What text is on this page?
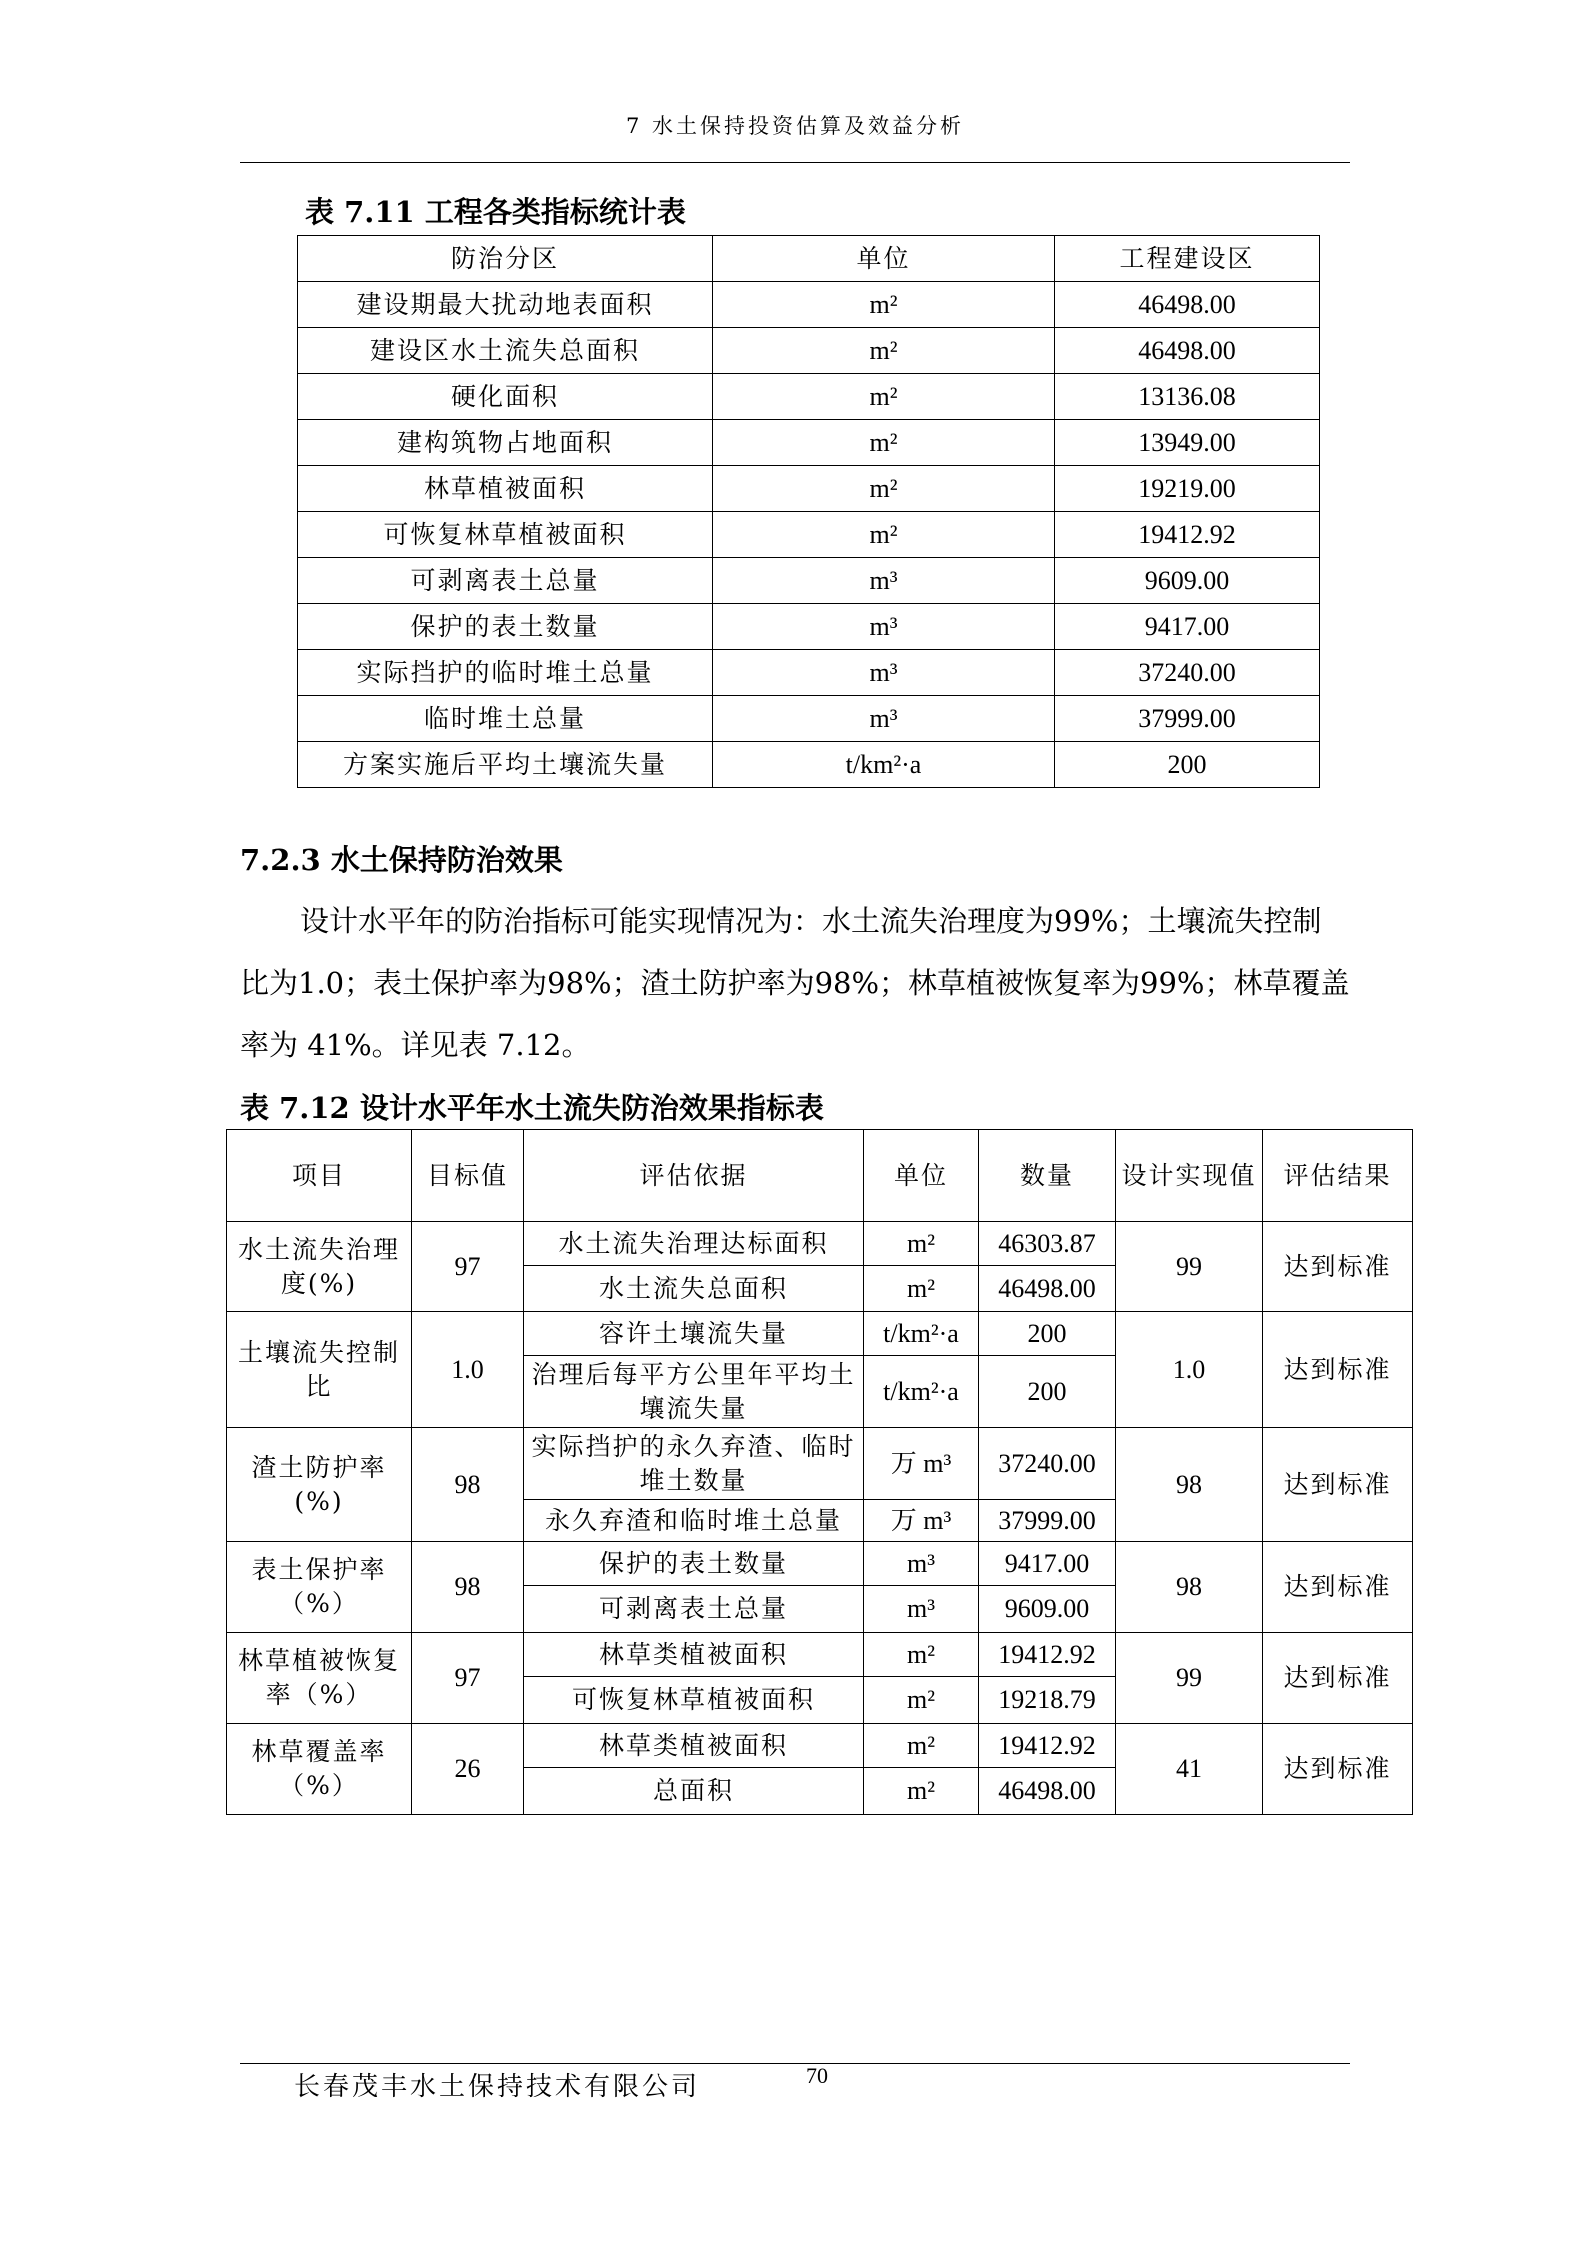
7 水土保持投资估算及效益分析
表 7.11 工程各类指标统计表
防治分区	单位	工程建设区
建设期最大扰动地表面积	m²	46498.00
建设区水土流失总面积	m²	46498.00
硬化面积	m²	13136.08
建构筑物占地面积	m²	13949.00
林草植被面积	m²	19219.00
可恢复林草植被面积	m²	19412.92
可剥离表土总量	m³	9609.00
保护的表土数量	m³	9417.00
实际挡护的临时堆土总量	m³	37240.00
临时堆土总量	m³	37999.00
方案实施后平均土壤流失量	t/km²·a	200
7.2.3 水土保持防治效果
设计水平年的防治指标可能实现情况为：水土流失治理度为99%；土壤流失控制比为1.0；表土保护率为98%；渣土防护率为98%；林草植被恢复率为99%；林草覆盖率为 41%。详见表 7.12。
表 7.12 设计水平年水土流失防治效果指标表
项目	目标值	评估依据	单位	数量	设计实现值	评估结果
水土流失治理度(%)	97	水土流失治理达标面积	m²	46303.87	99	达到标准
		水土流失总面积	m²	46498.00		
土壤流失控制比	1.0	容许土壤流失量	t/km²·a	200	1.0	达到标准
		治理后每平方公里年平均土壤流失量	t/km²·a	200		
渣土防护率(%)	98	实际挡护的永久弃渣、临时堆土数量	万 m³	37240.00	98	达到标准
		永久弃渣和临时堆土总量	万 m³	37999.00		
表土保护率（%）	98	保护的表土数量	m³	9417.00	98	达到标准
		可剥离表土总量	m³	9609.00		
林草植被恢复率（%）	97	林草类植被面积	m²	19412.92	99	达到标准
		可恢复林草植被面积	m²	19218.79		
林草覆盖率（%）	26	林草类植被面积	m²	19412.92	41	达到标准
		总面积	m²	46498.00		
长春茂丰水土保持技术有限公司	70
